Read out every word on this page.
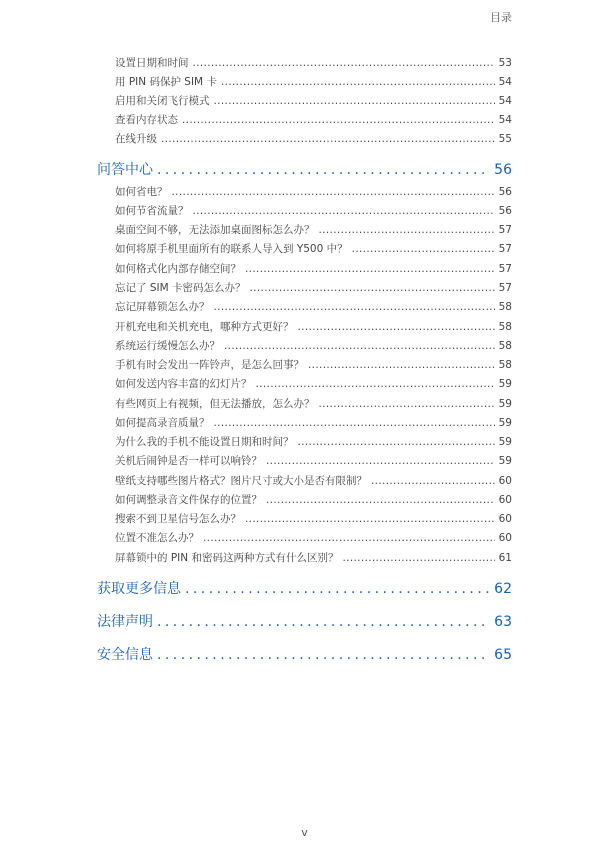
目录
设置日期和时间 . . .	53
用 PIN 码保护 SIM 卡 . . .	54
启用和关闭飞行模式 . . .	54
查看内存状态 . . .	54
在线升级 . . .	55
问答中心 . . .	56
如何省电？ . . .	56
如何节省流量？ . . .	56
桌面空间不够，无法添加桌面图标怎么办？ . . .	57
如何将原手机里面所有的联系人导入到 Y500 中？ . . .	57
如何格式化内部存储空间？ . . .	57
忘记了 SIM 卡密码怎么办？ . . .	57
忘记屏幕锁怎么办？ . . .	58
开机充电和关机充电，哪种方式更好？ . . .	58
系统运行缓慢怎么办？ . . .	58
手机有时会发出一阵铃声，是怎么回事？ . . .	58
如何发送内容丰富的幻灯片？ . . .	59
有些网页上有视频，但无法播放，怎么办？ . . .	59
如何提高录音质量？ . . .	59
为什么我的手机不能设置日期和时间？ . . .	59
关机后闹钟是否一样可以响铃？ . . .	59
壁纸支持哪些图片格式？图片尺寸或大小是否有限制？ . . .	60
如何调整录音文件保存的位置？ . . .	60
搜索不到卫星信号怎么办？ . . .	60
位置不准怎么办？ . . .	60
屏幕锁中的 PIN 和密码这两种方式有什么区别？ . . .	61
获取更多信息 . . .	62
法律声明 . . .	63
安全信息 . . .	65
v
